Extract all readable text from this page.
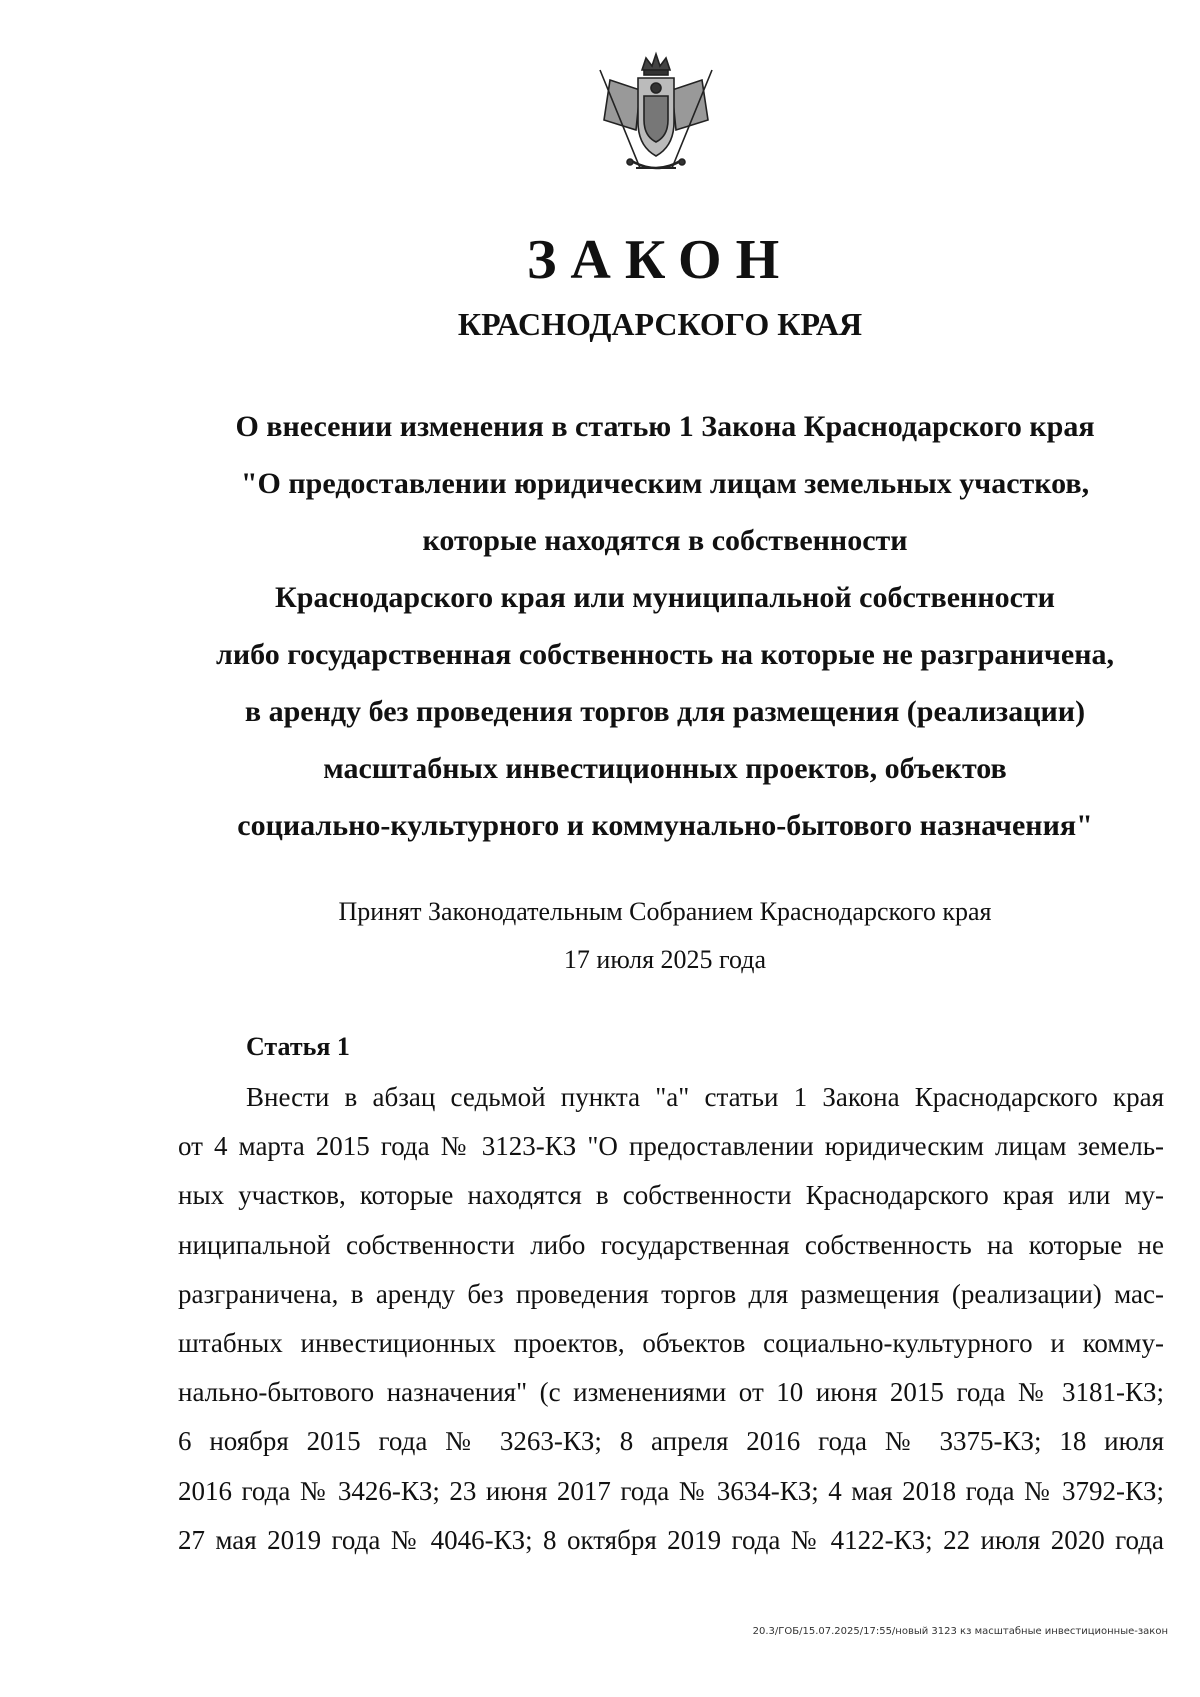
ЗАКОН
КРАСНОДАРСКОГО КРАЯ
О внесении изменения в статью 1 Закона Краснодарского края
"О предоставлении юридическим лицам земельных участков,
которые находятся в собственности
Краснодарского края или муниципальной собственности
либо государственная собственность на которые не разграничена,
в аренду без проведения торгов для размещения (реализации)
масштабных инвестиционных проектов, объектов
социально-культурного и коммунально-бытового назначения"
Принят Законодательным Собранием Краснодарского края
17 июля 2025 года
Статья 1
Внести в абзац седьмой пункта "а" статьи 1 Закона Краснодарского края
от 4 марта 2015 года № 3123-КЗ "О предоставлении юридическим лицам земель-
ных участков, которые находятся в собственности Краснодарского края или му-
ниципальной собственности либо государственная собственность на которые не
разграничена, в аренду без проведения торгов для размещения (реализации) мас-
штабных инвестиционных проектов, объектов социально-культурного и комму-
нально-бытового назначения" (с изменениями от 10 июня 2015 года № 3181-КЗ;
6 ноября 2015 года № 3263-КЗ; 8 апреля 2016 года № 3375-КЗ; 18 июля
2016 года № 3426-КЗ; 23 июня 2017 года № 3634-КЗ; 4 мая 2018 года № 3792-КЗ;
27 мая 2019 года № 4046-КЗ; 8 октября 2019 года № 4122-КЗ; 22 июля 2020 года
20.3/ГОБ/15.07.2025/17:55/новый 3123 кз масштабные инвестиционные-закон
